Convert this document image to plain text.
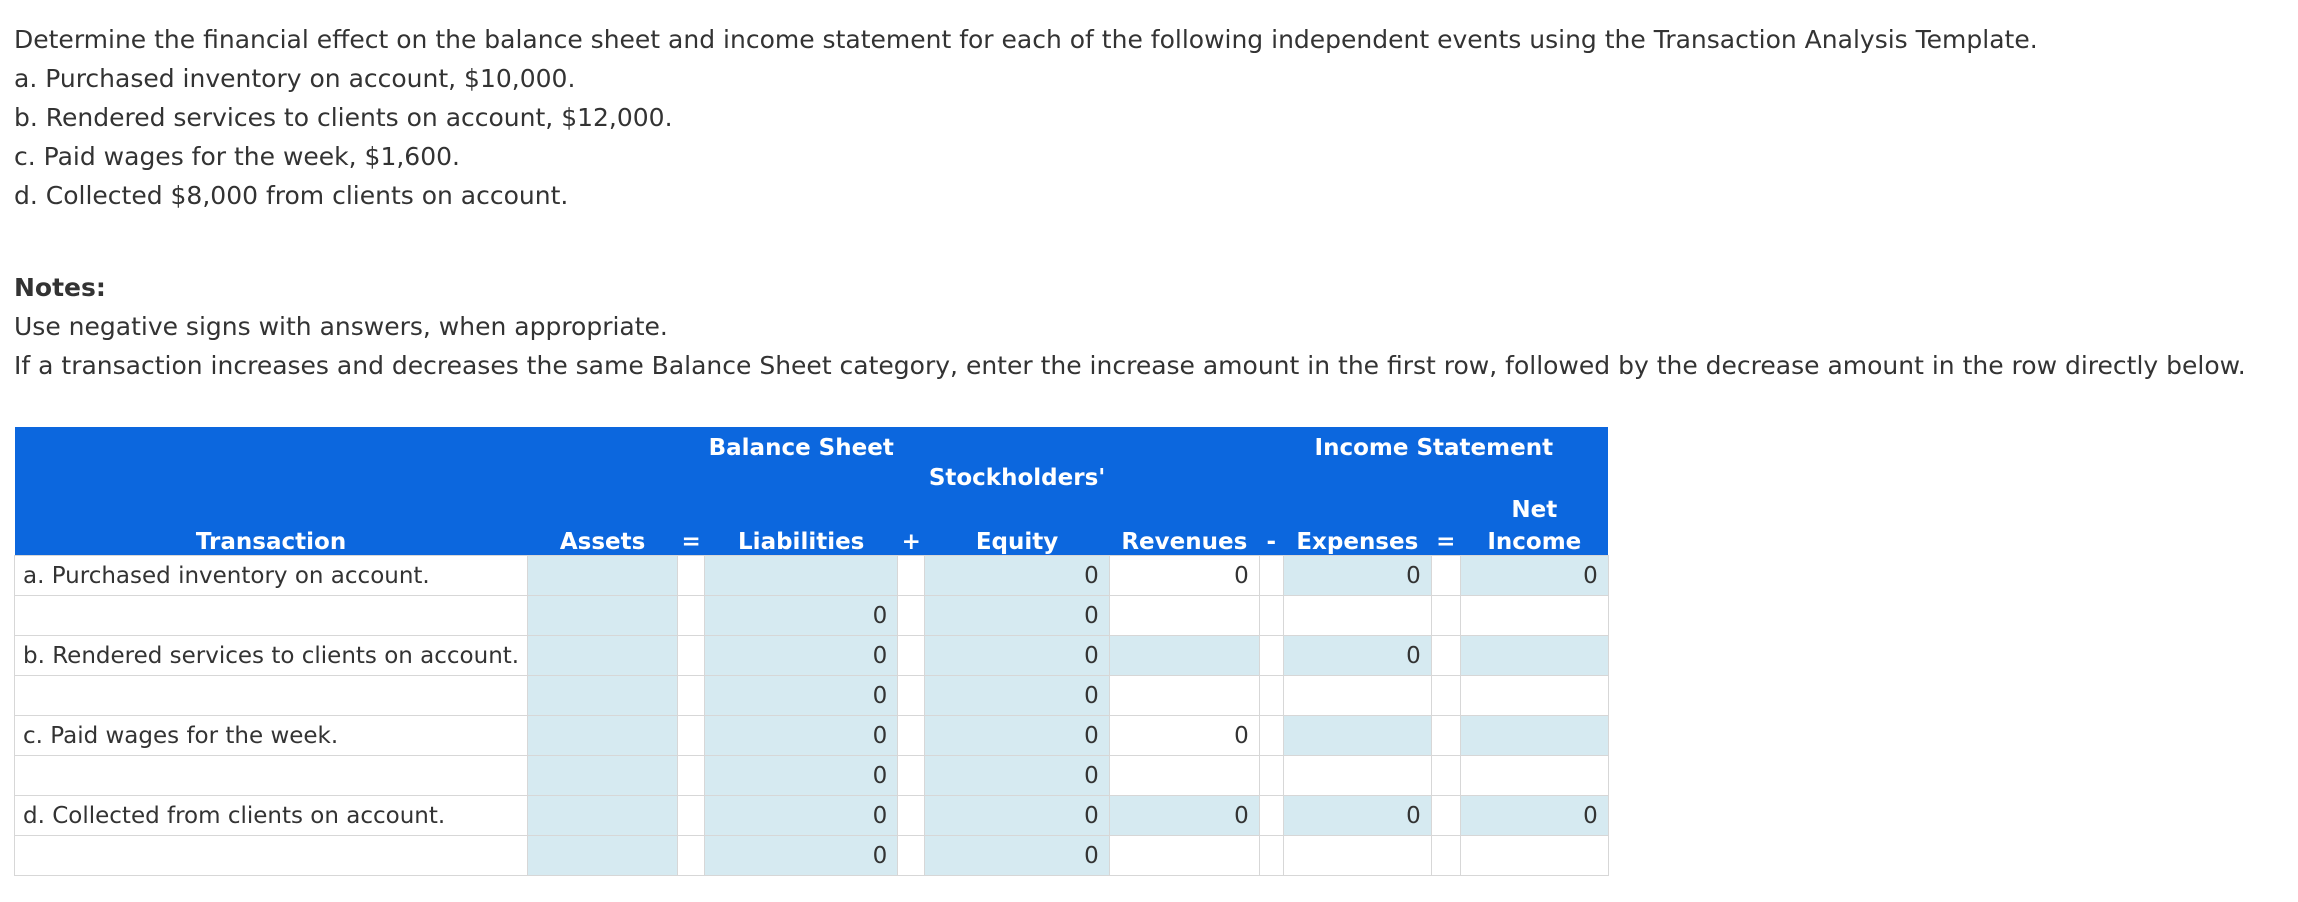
Determine the financial effect on the balance sheet and income statement for each of the following independent events using the Transaction Analysis Template.

a. Purchased inventory on account, $10,000.

b. Rendered services to clients on account, $12,000.

c. Paid wages for the week, $1,600.

d. Collected $8,000 from clients on account.

Notes:

Use negative signs with answers, when appropriate.

If a transaction increases and decreases the same Balance Sheet category, enter the increase amount in the first row, followed by the decrease amount in the row directly below.

			Balance Sheet				Income Statement			
					Stockholders'					
										Net
Transaction	Assets	=	Liabilities	+	Equity	Revenues	-	Expenses	=	Income
a. Purchased inventory on account.					0	0		0		0
			0		0					
b. Rendered services to clients on account.			0		0			0		
			0		0					
c. Paid wages for the week.			0		0	0				
			0		0					
d. Collected from clients on account.			0		0	0		0		0
			0		0					
